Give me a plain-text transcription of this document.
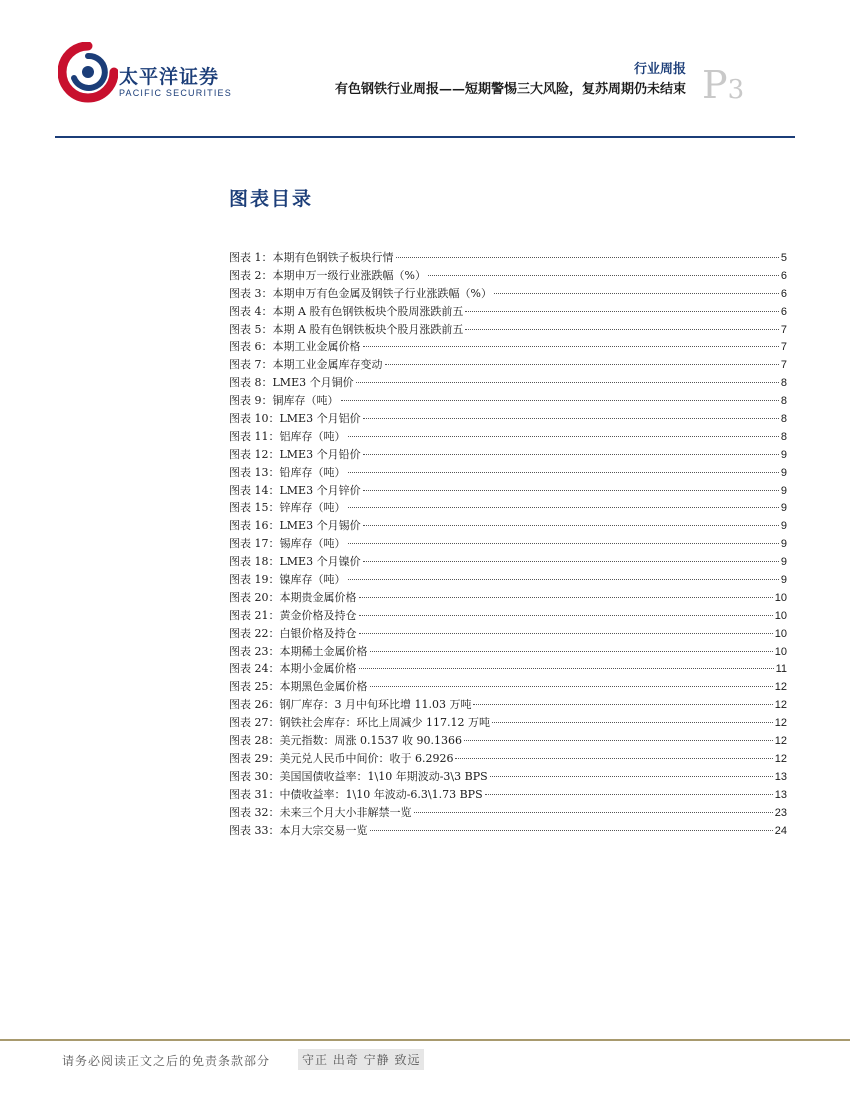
太平洋证券
PACIFIC SECURITIES
行业周报
有色钢铁行业周报——短期警惕三大风险，复苏周期仍未结束 P3
图表目录
图表 1：本期有色钢铁子板块行情	5
图表 2：本期申万一级行业涨跌幅（%）	6
图表 3：本期申万有色金属及钢铁子行业涨跌幅（%）	6
图表 4：本期 A 股有色钢铁板块个股周涨跌前五	6
图表 5：本期 A 股有色钢铁板块个股月涨跌前五	7
图表 6：本期工业金属价格	7
图表 7：本期工业金属库存变动	7
图表 8：LME3 个月铜价	8
图表 9：铜库存（吨）	8
图表 10：LME3 个月铝价	8
图表 11：铝库存（吨）	8
图表 12：LME3 个月铅价	9
图表 13：铅库存（吨）	9
图表 14：LME3 个月锌价	9
图表 15：锌库存（吨）	9
图表 16：LME3 个月锡价	9
图表 17：锡库存（吨）	9
图表 18：LME3 个月镍价	9
图表 19：镍库存（吨）	9
图表 20：本期贵金属价格	10
图表 21：黄金价格及持仓	10
图表 22：白银价格及持仓	10
图表 23：本期稀土金属价格	10
图表 24：本期小金属价格	11
图表 25：本期黑色金属价格	12
图表 26：钢厂库存：3 月中旬环比增 11.03 万吨	12
图表 27：钢铁社会库存：环比上周减少 117.12 万吨	12
图表 28：美元指数：周涨 0.1537 收 90.1366	12
图表 29：美元兑人民币中间价：收于 6.2926	12
图表 30：美国国债收益率：1\10 年期波动-3\3 BPS	13
图表 31：中债收益率：1\10 年波动-6.3\1.73 BPS	13
图表 32：未来三个月大小非解禁一览	23
图表 33：本月大宗交易一览	24
请务必阅读正文之后的免责条款部分	守正 出奇 宁静 致远
